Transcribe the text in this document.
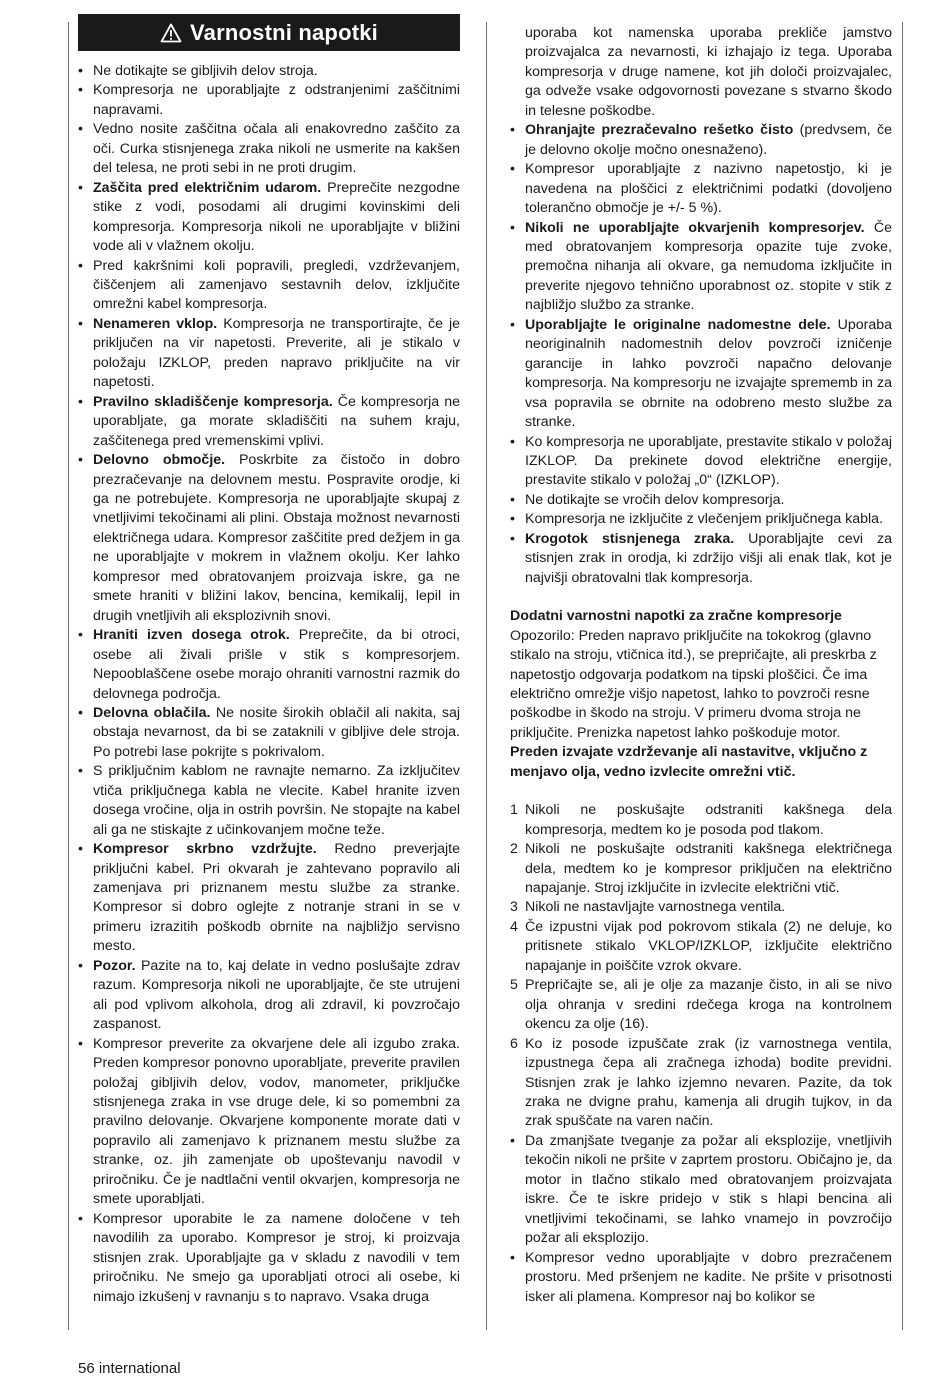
Varnostni napotki
• Ne dotikajte se gibljivih delov stroja.
• Kompresorja ne uporabljajte z odstranjenimi zaščitnimi napravami.
• Vedno nosite zaščitna očala ali enakovredno zaščito za oči. Curka stisnjenega zraka nikoli ne usmerite na kakšen del telesa, ne proti sebi in ne proti drugim.
• Zaščita pred električnim udarom. Preprečite nezgodne stike z vodi, posodami ali drugimi kovinskimi deli kompresorja. Kompresorja nikoli ne uporabljajte v bližini vode ali v vlažnem okolju.
• Pred kakršnimi koli popravili, pregledi, vzdrževanjem, čiščenjem ali zamenjavo sestavnih delov, izključite omrežni kabel kompresorja.
• Nenameren vklop. Kompresorja ne transportirajte, če je priključen na vir napetosti. Preverite, ali je stikalo v položaju IZKLOP, preden napravo priključite na vir napetosti.
• Pravilno skladiščenje kompresorja. Če kompresorja ne uporabljate, ga morate skladiščiti na suhem kraju, zaščitenega pred vremenskimi vplivi.
• Delovno območje. Poskrbite za čistočo in dobro prezračevanje na delovnem mestu. Pospravite orodje, ki ga ne potrebujete. Kompresorja ne uporabljajte skupaj z vnetljivimi tekočinami ali plini. Obstaja možnost nevarnosti električnega udara. Kompresor zaščitite pred dežjem in ga ne uporabljajte v mokrem in vlažnem okolju. Ker lahko kompresor med obratovanjem proizvaja iskre, ga ne smete hraniti v bližini lakov, bencina, kemikalij, lepil in drugih vnetljivih ali eksplozivnih snovi.
• Hraniti izven dosega otrok. Preprečite, da bi otroci, osebe ali živali prišle v stik s kompresorjem. Nepooblaščene osebe morajo ohraniti varnostni razmik do delovnega področja.
• Delovna oblačila. Ne nosite širokih oblačil ali nakita, saj obstaja nevarnost, da bi se zataknili v gibljive dele stroja. Po potrebi lase pokrijte s pokrivalom.
• S priključnim kablom ne ravnajte nemarno. Za izključitev vtiča priključnega kabla ne vlecite. Kabel hranite izven dosega vročine, olja in ostrih površin. Ne stopajte na kabel ali ga ne stiskajte z učinkovanjem močne teže.
• Kompresor skrbno vzdržujte. Redno preverjajte priključni kabel. Pri okvarah je zahtevano popravilo ali zamenjava pri priznanem mestu službe za stranke. Kompresor si dobro oglejte z notranje strani in se v primeru izrazitih poškodb obrnite na najbližjo servisno mesto.
• Pozor. Pazite na to, kaj delate in vedno poslušajte zdrav razum. Kompresorja nikoli ne uporabljajte, če ste utrujeni ali pod vplivom alkohola, drog ali zdravil, ki povzročajo zaspanost.
• Kompresor preverite za okvarjene dele ali izgubo zraka. Preden kompresor ponovno uporabljate, preverite pravilen položaj gibljivih delov, vodov, manometer, priključke stisnjenega zraka in vse druge dele, ki so pomembni za pravilno delovanje. Okvarjene komponente morate dati v popravilo ali zamenjavo k priznanem mestu službe za stranke, oz. jih zamenjate ob upoštevanju navodil v priročniku. Če je nadtlačni ventil okvarjen, kompresorja ne smete uporabljati.
• Kompresor uporabite le za namene določene v teh navodilih za uporabo. Kompresor je stroj, ki proizvaja stisnjen zrak. Uporabljajte ga v skladu z navodili v tem priročniku. Ne smejo ga uporabljati otroci ali osebe, ki nimajo izkušenj v ravnanju s to napravo. Vsaka druga
uporaba kot namenska uporaba prekliče jamstvo proizvajalca za nevarnosti, ki izhajajo iz tega. Uporaba kompresorja v druge namene, kot jih določi proizvajalec, ga odveže vsake odgovornosti povezane s stvarno škodo in telesne poškodbe.
• Ohranjajte prezračevalno rešetko čisto (predvsem, če je delovno okolje močno onesnaženo).
• Kompresor uporabljajte z nazivno napetostjo, ki je navedena na ploščici z električnimi podatki (dovoljeno tolerančno območje je +/- 5 %).
• Nikoli ne uporabljajte okvarjenih kompresorjev. Če med obratovanjem kompresorja opazite tuje zvoke, premočna nihanja ali okvare, ga nemudoma izključite in preverite njegovo tehnično uporabnost oz. stopite v stik z najbližjo službo za stranke.
• Uporabljajte le originalne nadomestne dele. Uporaba neoriginalnih nadomestnih delov povzroči izničenje garancije in lahko povzroči napačno delovanje kompresorja. Na kompresorju ne izvajajte sprememb in za vsa popravila se obrnite na odobreno mesto službe za stranke.
• Ko kompresorja ne uporabljate, prestavite stikalo v položaj IZKLOP. Da prekinete dovod električne energije, prestavite stikalo v položaj „0“ (IZKLOP).
• Ne dotikajte se vročih delov kompresorja.
• Kompresorja ne izključite z vlečenjem priključnega kabla.
• Krogotok stisnjenega zraka. Uporabljajte cevi za stisnjen zrak in orodja, ki zdržijo višji ali enak tlak, kot je najvišji obratovalni tlak kompresorja.
Dodatni varnostni napotki za zračne kompresorje

Opozorilo: Preden napravo priključite na tokokrog (glavno stikalo na stroju, vtičnica itd.), se prepričajte, ali preskrba z napetostjo odgovarja podatkom na tipski ploščici. Če ima električno omrežje višjo napetost, lahko to povzroči resne poškodbe in škodo na stroju. V primeru dvoma stroja ne priključite. Prenizka napetost lahko poškoduje motor.

Preden izvajate vzdrževanje ali nastavitve, vključno z menjavo olja, vedno izvlecite omrežni vtič.

1 Nikoli ne poskušajte odstraniti kakšnega dela kompresorja, medtem ko je posoda pod tlakom.
2 Nikoli ne poskušajte odstraniti kakšnega električnega dela, medtem ko je kompresor priključen na električno napajanje. Stroj izključite in izvlecite električni vtič.
3 Nikoli ne nastavljajte varnostnega ventila.
4 Če izpustni vijak pod pokrovom stikala (2) ne deluje, ko pritisnete stikalo VKLOP/IZKLOP, izključite električno napajanje in poiščite vzrok okvare.
5 Prepričajte se, ali je olje za mazanje čisto, in ali se nivo olja ohranja v sredini rdečega kroga na kontrolnem okencu za olje (16).
6 Ko iz posode izpuščate zrak (iz varnostnega ventila, izpustnega čepa ali zračnega izhoda) bodite previdni. Stisnjen zrak je lahko izjemno nevaren. Pazite, da tok zraka ne dvigne prahu, kamenja ali drugih tujkov, in da zrak spuščate na varen način.
• Da zmanjšate tveganje za požar ali eksplozije, vnetljivih tekočin nikoli ne pršite v zaprtem prostoru. Običajno je, da motor in tlačno stikalo med obratovanjem proizvajata iskre. Če te iskre pridejo v stik s hlapi bencina ali vnetljivimi tekočinami, se lahko vnamejo in povzročijo požar ali eksplozijo.
• Kompresor vedno uporabljajte v dobro prezračenem prostoru. Med pršenjem ne kadite. Ne pršite v prisotnosti isker ali plamena. Kompresor naj bo kolikor se
56 international
